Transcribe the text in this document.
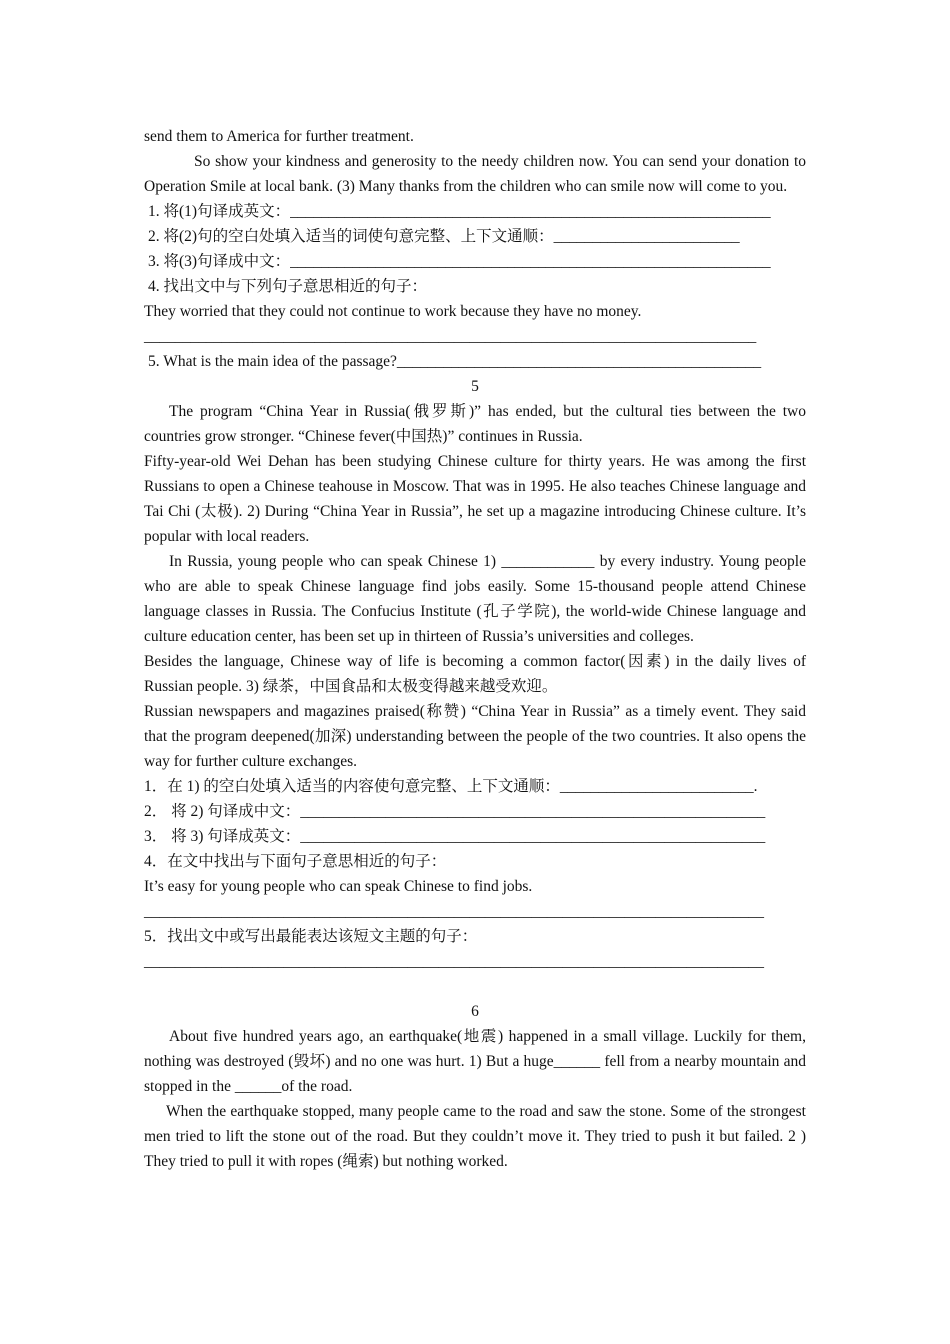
send them to America for further treatment.

So show your kindness and generosity to the needy children now. You can send your donation to Operation Smile at local bank. (3) Many thanks from the children who can smile now will come to you.

1. 将(1)句译成英文：______________________________________________________________

2. 将(2)句的空白处填入适当的词使句意完整、上下文通顺：________________________

3. 将(3)句译成中文：______________________________________________________________

4. 找出文中与下列句子意思相近的句子：

They worried that they could not continue to work because they have no money.

_______________________________________________________________________________

5. What is the main idea of the passage?_______________________________________________

5

The program “China Year in Russia(俄罗斯)” has ended, but the cultural ties between the two countries grow stronger. “Chinese fever(中国热)” continues in Russia.

Fifty-year-old Wei Dehan has been studying Chinese culture for thirty years. He was among the first Russians to open a Chinese teahouse in Moscow. That was in 1995. He also teaches Chinese language and Tai Chi (太极). 2) During “China Year in Russia”, he set up a magazine introducing Chinese culture. It’s popular with local readers.

In Russia, young people who can speak Chinese 1) ____________ by every industry. Young people who are able to speak Chinese language find jobs easily. Some 15-thousand people attend Chinese language classes in Russia. The Confucius Institute (孔子学院), the world-wide Chinese language and culture education center, has been set up in thirteen of Russia’s universities and colleges.

Besides the language, Chinese way of life is becoming a common factor(因素) in the daily lives of Russian people. 3) 绿茶，中国食品和太极变得越来越受欢迎。

Russian newspapers and magazines praised(称赞) “China Year in Russia” as a timely event. They said that the program deepened(加深) understanding between the people of the two countries. It also opens the way for further culture exchanges.

1．在 1) 的空白处填入适当的内容使句意完整、上下文通顺：_________________________.

2． 将 2) 句译成中文：____________________________________________________________

3． 将 3) 句译成英文：____________________________________________________________

4．在文中找出与下面句子意思相近的句子：

It’s easy for young people who can speak Chinese to find jobs.

________________________________________________________________________________

5．找出文中或写出最能表达该短文主题的句子：

________________________________________________________________________________

6

About five hundred years ago, an earthquake(地震) happened in a small village. Luckily for them, nothing was destroyed (毁坏) and no one was hurt. 1) But a huge______ fell from a nearby mountain and stopped in the ______of the road.

When the earthquake stopped, many people came to the road and saw the stone. Some of the strongest men tried to lift the stone out of the road. But they couldn’t move it. They tried to push it but failed. 2 ) They tried to pull it with ropes (绳索) but nothing worked.
